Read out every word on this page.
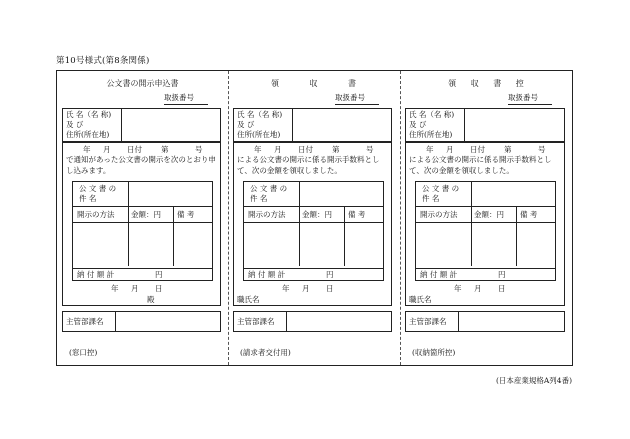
第10号様式(第8条関係)
公文書の開示申込書
取扱番号
氏 名（名 称)
及 び
住所(所在地)
年 月 日付	第	号
で通知があった公文書の開示を次のとおり申し込みます。
公 文 書 の
件 名
開示の方法 金額：円 備 考
納 付 額 計	円
年 月 日
殿
主管部課名
(窓口控)
領 収 書
取扱番号
氏 名（名 称)
及 び
住所(所在地)
年 月 日付	第	号
による公文書の開示に係る開示手数料として、次の金額を領収しました。
公 文 書 の
件 名
開示の方法 金額：円 備 考
納 付 額 計	円
年 月 日
職氏名
主管部課名
(請求者交付用)
領 収 書 控
取扱番号
氏 名（名 称)
及 び
住所(所在地)
年 月 日付	第	号
による公文書の開示に係る開示手数料として、次の金額を領収しました。
公 文 書 の
件 名
開示の方法 金額：円 備 考
納 付 額 計	円
年 月 日
職氏名
主管部課名
(収納箇所控)
(日本産業規格A列4番)
